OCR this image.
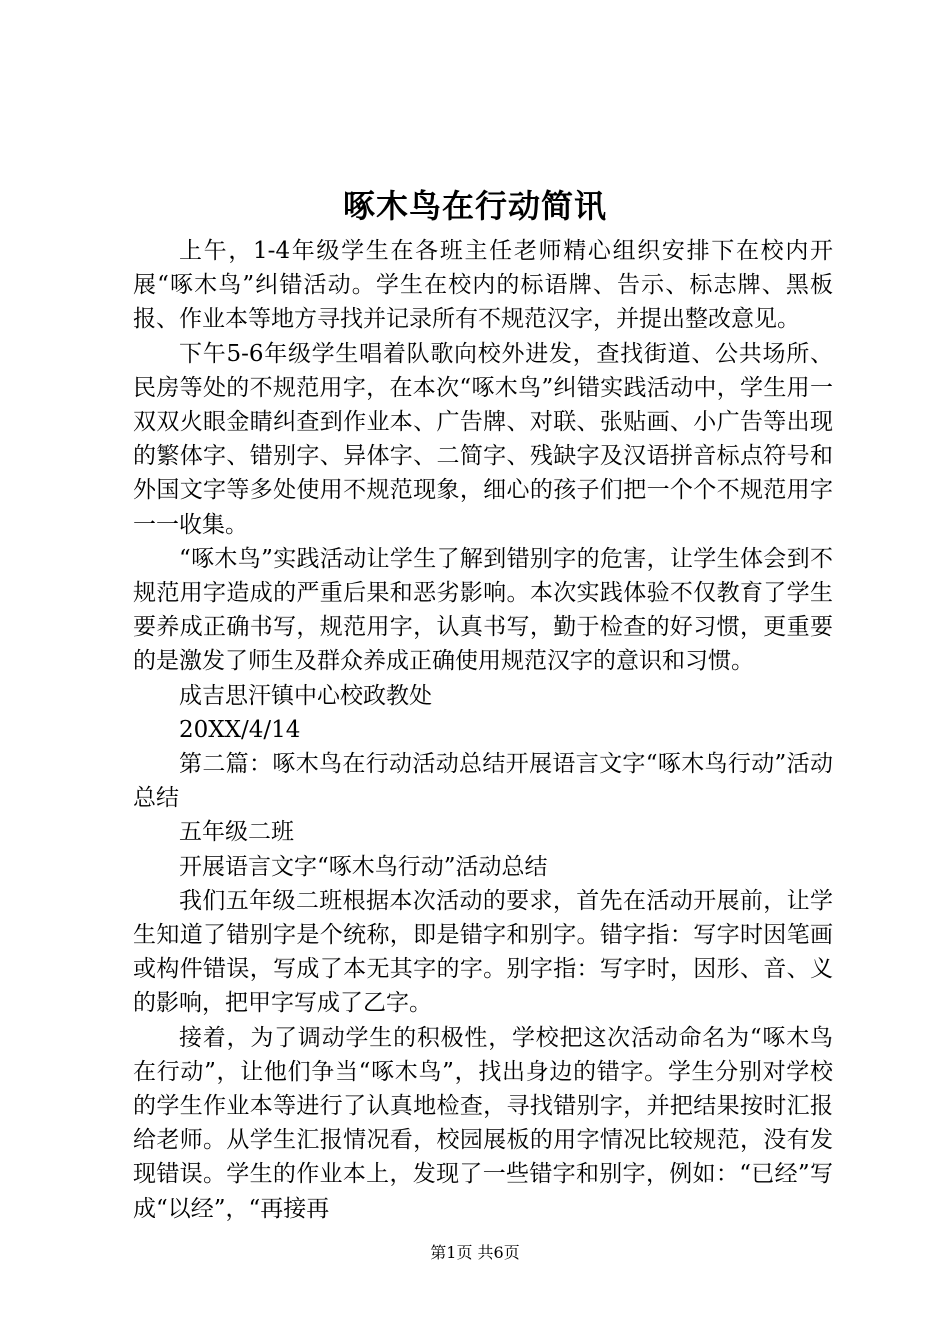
啄木鸟在行动简讯

上午，1-4年级学生在各班主任老师精心组织安排下在校内开展“啄木鸟”纠错活动。学生在校内的标语牌、告示、标志牌、黑板报、作业本等地方寻找并记录所有不规范汉字，并提出整改意见。

下午5-6年级学生唱着队歌向校外进发，查找街道、公共场所、民房等处的不规范用字，在本次“啄木鸟”纠错实践活动中，学生用一双双火眼金睛纠查到作业本、广告牌、对联、张贴画、小广告等出现的繁体字、错别字、异体字、二简字、残缺字及汉语拼音标点符号和外国文字等多处使用不规范现象，细心的孩子们把一个个不规范用字一一收集。

“啄木鸟”实践活动让学生了解到错别字的危害，让学生体会到不规范用字造成的严重后果和恶劣影响。本次实践体验不仅教育了学生要养成正确书写，规范用字，认真书写，勤于检查的好习惯，更重要的是激发了师生及群众养成正确使用规范汉字的意识和习惯。

成吉思汗镇中心校政教处

20XX/4/14

第二篇：啄木鸟在行动活动总结开展语言文字“啄木鸟行动”活动总结

五年级二班

开展语言文字“啄木鸟行动”活动总结

我们五年级二班根据本次活动的要求，首先在活动开展前，让学生知道了错别字是个统称，即是错字和别字。错字指：写字时因笔画或构件错误，写成了本无其字的字。别字指：写字时，因形、音、义的影响，把甲字写成了乙字。

接着，为了调动学生的积极性，学校把这次活动命名为“啄木鸟在行动”，让他们争当“啄木鸟”，找出身边的错字。学生分别对学校的学生作业本等进行了认真地检查，寻找错别字，并把结果按时汇报给老师。从学生汇报情况看，校园展板的用字情况比较规范，没有发现错误。学生的作业本上，发现了一些错字和别字，例如：“已经”写成“以经”，“再接再

第1页 共6页
